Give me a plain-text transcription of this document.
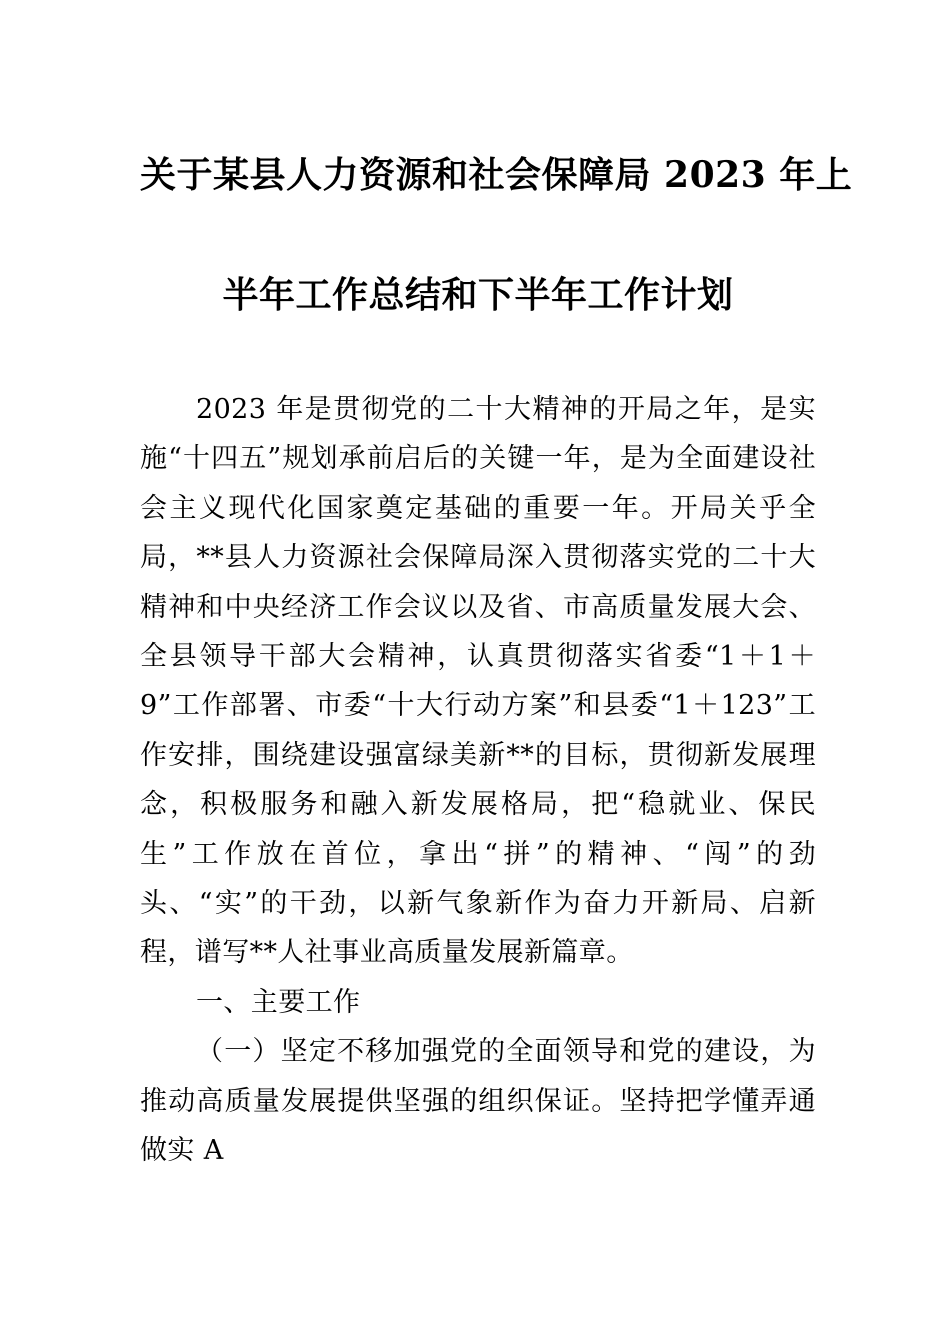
关于某县人力资源和社会保障局 2023 年上
半年工作总结和下半年工作计划

2023 年是贯彻党的二十大精神的开局之年，是实施“十四五”规划承前启后的关键一年，是为全面建设社会主义现代化国家奠定基础的重要一年。开局关乎全局，**县人力资源社会保障局深入贯彻落实党的二十大精神和中央经济工作会议以及省、市高质量发展大会、全县领导干部大会精神，认真贯彻落实省委“1＋1＋9”工作部署、市委“十大行动方案”和县委“1＋123”工作安排，围绕建设强富绿美新**的目标，贯彻新发展理念，积极服务和融入新发展格局，把“稳就业、保民生”工作放在首位，拿出“拼”的精神、“闯”的劲头、“实”的干劲，以新气象新作为奋力开新局、启新程，谱写**人社事业高质量发展新篇章。

一、主要工作

（一）坚定不移加强党的全面领导和党的建设，为推动高质量发展提供坚强的组织保证。坚持把学懂弄通做实 A
